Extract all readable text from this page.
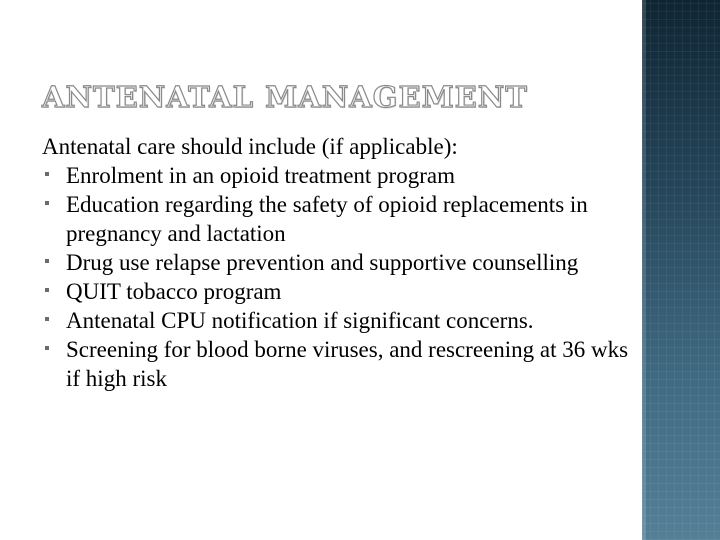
ANTENATAL MANAGEMENT

Antenatal care should include (if applicable):

Enrolment in an opioid treatment program
Education regarding the safety of opioid replacements in pregnancy and lactation
Drug use relapse prevention and supportive counselling
QUIT tobacco program
Antenatal CPU notification if significant concerns.
Screening for blood borne viruses, and rescreening at 36 wks if high risk
